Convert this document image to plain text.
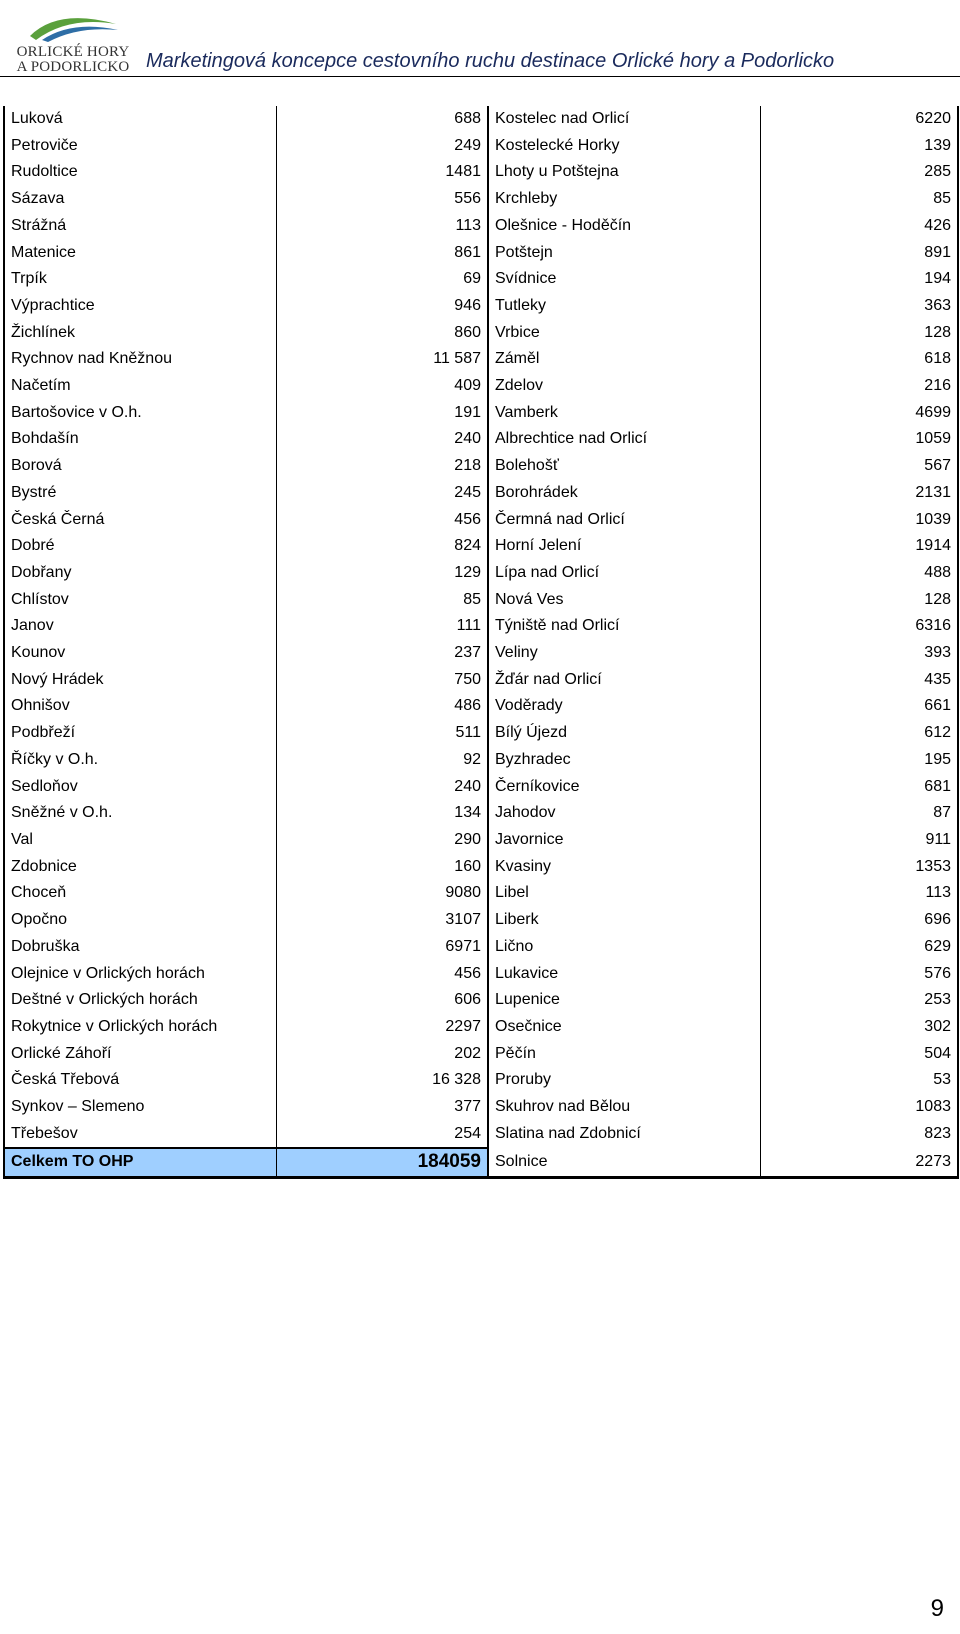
ORLICKÉ HORY
A PODORLICKO Marketingová koncepce cestovního ruchu destinace Orlické hory a Podorlicko
Luková	688	Kostelec nad Orlicí	6220
Petroviče	249	Kostelecké Horky	139
Rudoltice	1481	Lhoty u Potštejna	285
Sázava	556	Krchleby	85
Strážná	113	Olešnice - Hoděčín	426
Matenice	861	Potštejn	891
Trpík	69	Svídnice	194
Výprachtice	946	Tutleky	363
Žichlínek	860	Vrbice	128
Rychnov nad Kněžnou	11 587	Záměl	618
Načetím	409	Zdelov	216
Bartošovice v O.h.	191	Vamberk	4699
Bohdašín	240	Albrechtice nad Orlicí	1059
Borová	218	Bolehošť	567
Bystré	245	Borohrádek	2131
Česká Černá	456	Čermná nad Orlicí	1039
Dobré	824	Horní Jelení	1914
Dobřany	129	Lípa nad Orlicí	488
Chlístov	85	Nová Ves	128
Janov	111	Týniště nad Orlicí	6316
Kounov	237	Veliny	393
Nový Hrádek	750	Žďár nad Orlicí	435
Ohnišov	486	Voděrady	661
Podbřeží	511	Bílý Újezd	612
Říčky v O.h.	92	Byzhradec	195
Sedloňov	240	Černíkovice	681
Sněžné v O.h.	134	Jahodov	87
Val	290	Javornice	911
Zdobnice	160	Kvasiny	1353
Choceň	9080	Libel	113
Opočno	3107	Liberk	696
Dobruška	6971	Ličnо	629
Olejnice v Orlických horách	456	Lukavice	576
Deštné v Orlických horách	606	Lupenice	253
Rokytnice v Orlických horách	2297	Osečnice	302
Orlické Záhoří	202	Pěčín	504
Česká Třebová	16 328	Proruby	53
Synkov – Slemeno	377	Skuhrov nad Bělou	1083
Třebešov	254	Slatina nad Zdobnicí	823
Celkem TO OHP	184059	Solnice	2273
9
